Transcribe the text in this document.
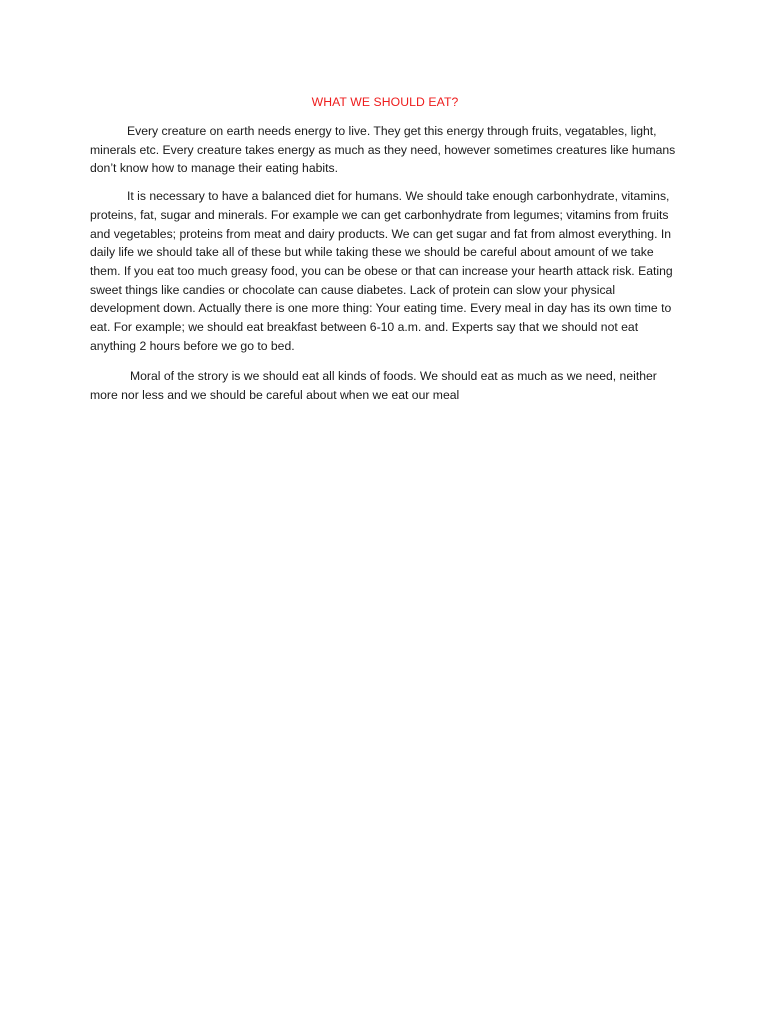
WHAT WE SHOULD EAT?

Every creature on earth needs energy to live. They get this energy through fruits, vegatables, light, minerals etc. Every creature takes energy as much as they need, however sometimes creatures like humans don’t know how to manage their eating habits.

It is necessary to have a balanced diet for humans. We should take enough carbonhydrate, vitamins, proteins, fat, sugar and minerals. For example we can get carbonhydrate from legumes; vitamins from fruits and vegetables; proteins from meat and dairy products. We can get sugar and fat from almost everything. In daily life we should take all of these but while taking these we should be careful about amount of we take them. If you eat too much greasy food, you can be obese or that can increase your hearth attack risk. Eating sweet things like candies or chocolate can cause diabetes. Lack of protein can slow your physical development down. Actually there is one more thing: Your eating time. Every meal in day has its own time to eat. For example; we should eat breakfast between 6-10 a.m. and. Experts say that we should not eat anything 2 hours before we go to bed.

Moral of the strory is we should eat all kinds of foods. We should eat as much as we need, neither more nor less and we should be careful about when we eat our meal
